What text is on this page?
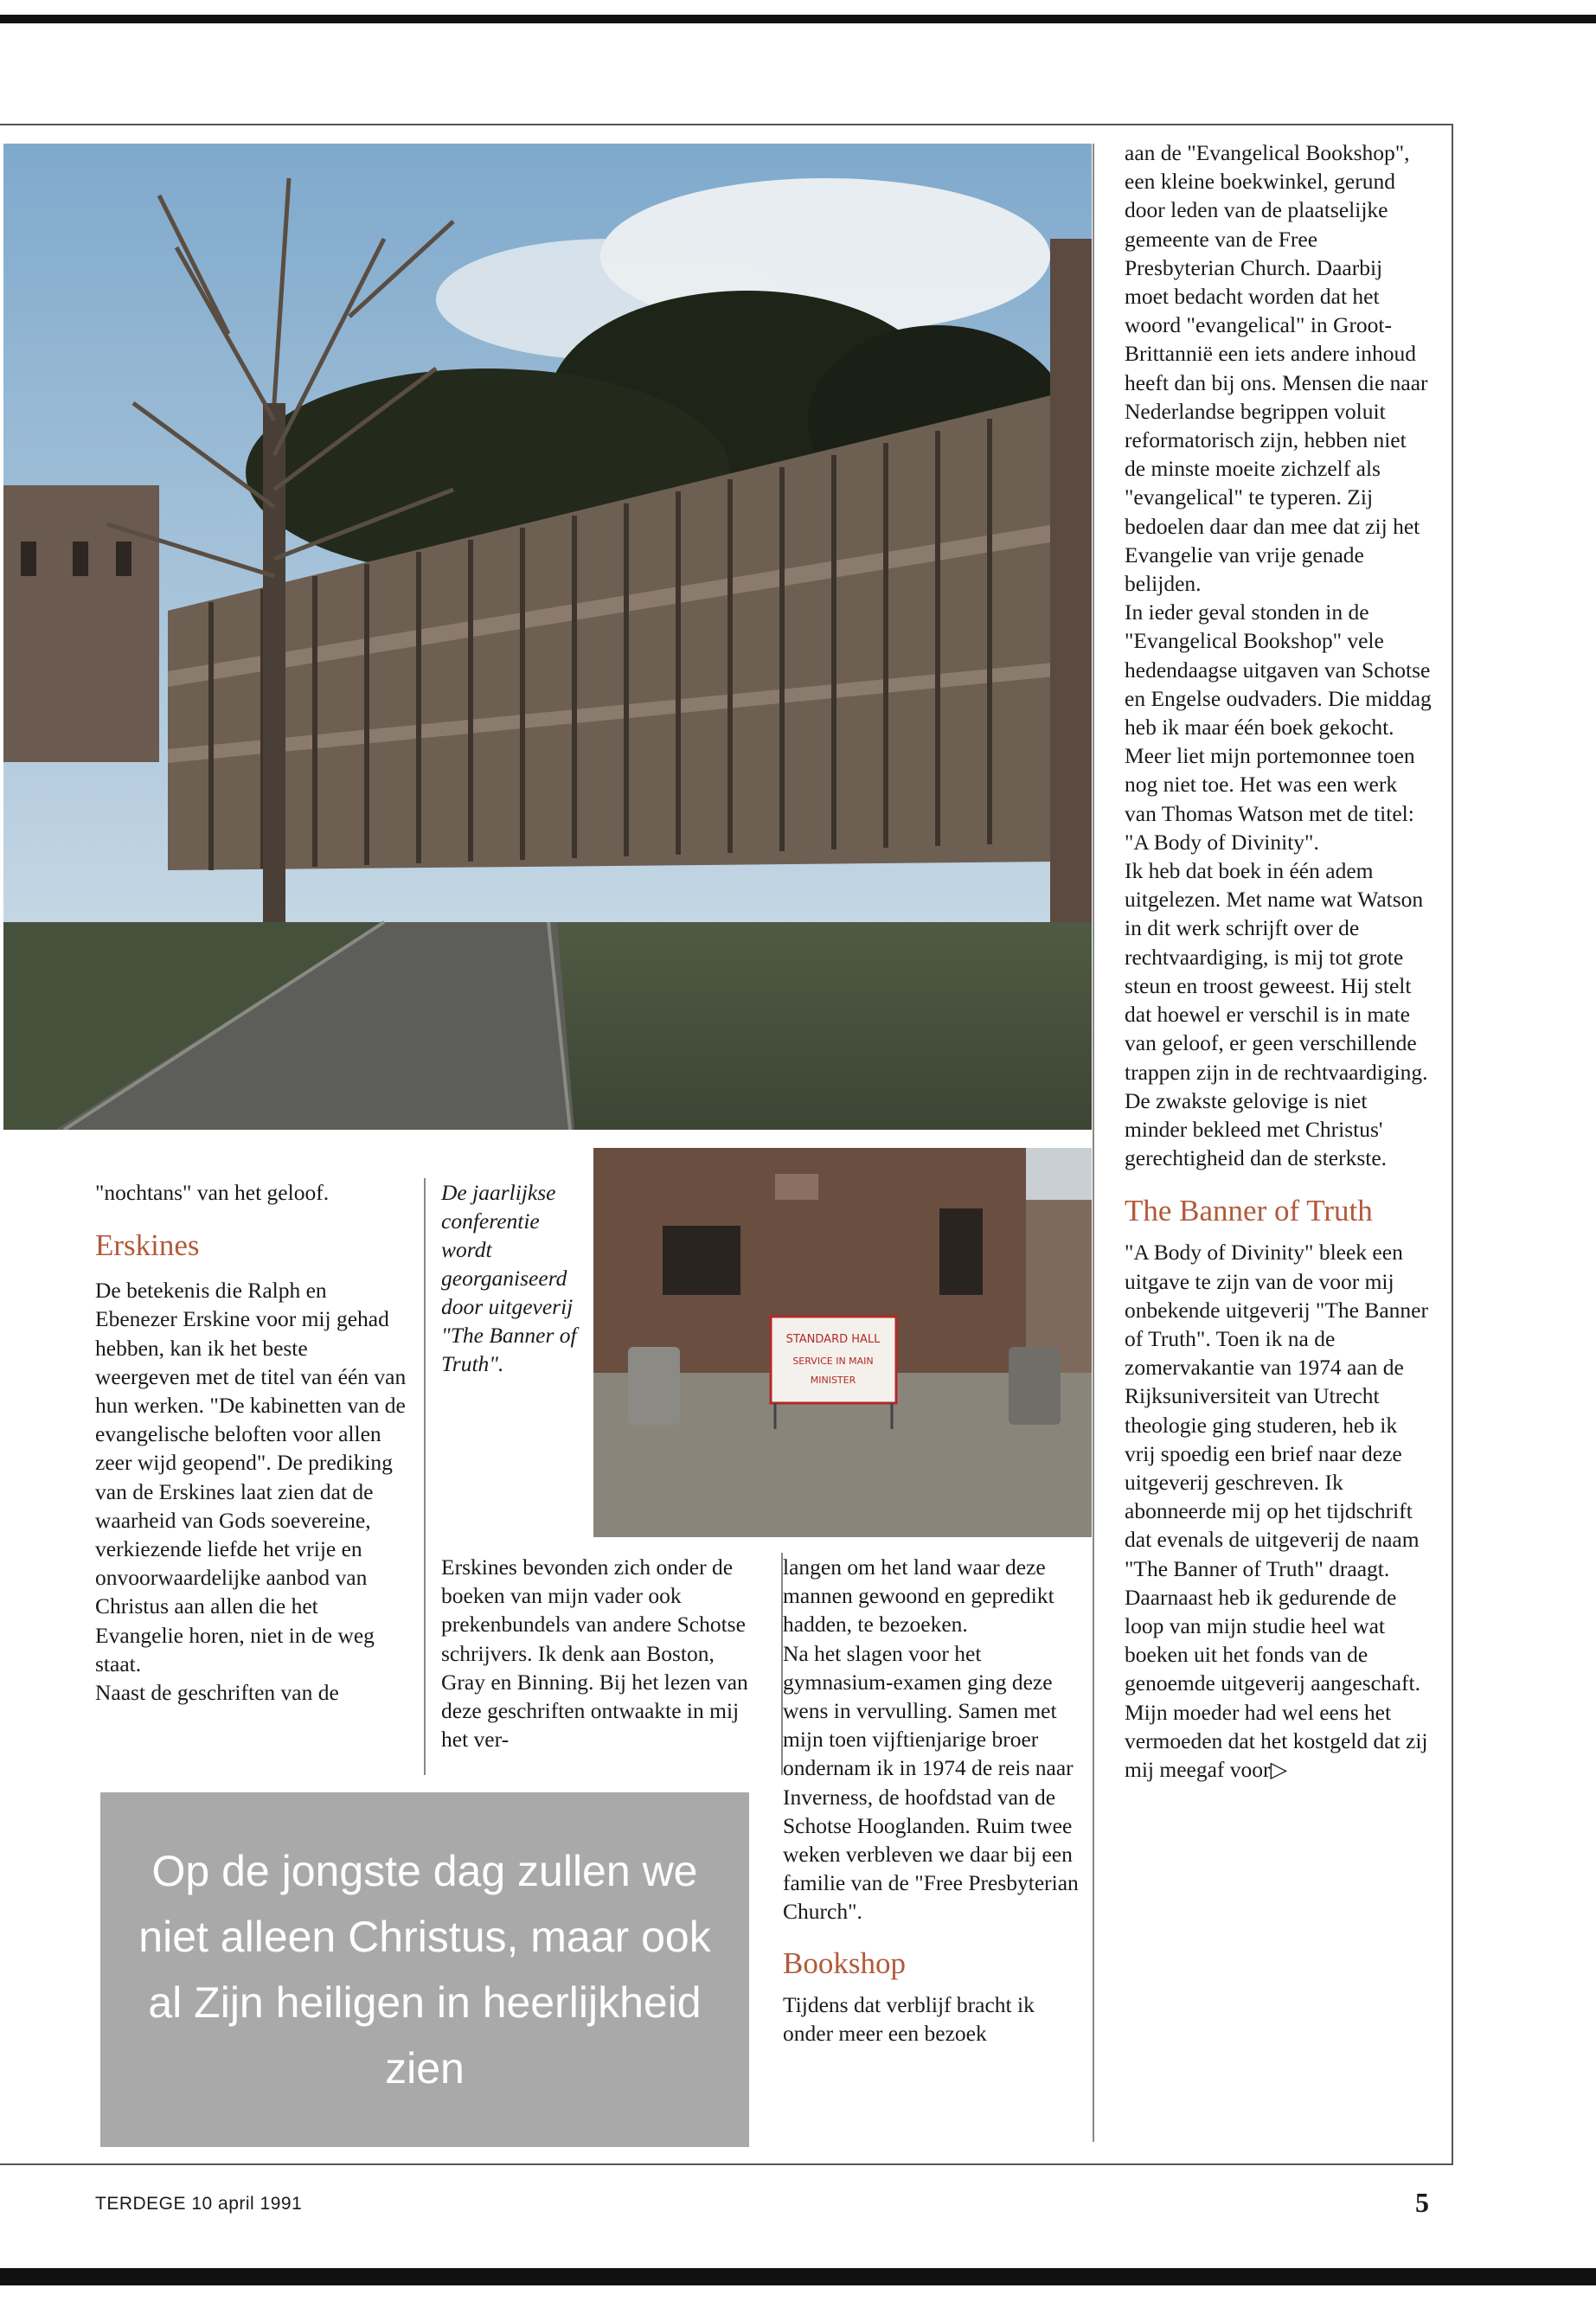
STANDARD HALL
SERVICE IN MAIN
MINISTER

De jaarlijkse conferentie wordt georganiseerd door uitgeverij "The Banner of Truth".

"nochtans" van het geloof.

Erskines

De betekenis die Ralph en Ebenezer Erskine voor mij gehad hebben, kan ik het beste weergeven met de titel van één van hun werken. "De kabinetten van de evangelische beloften voor allen zeer wijd geopend". De prediking van de Erskines laat zien dat de waarheid van Gods soevereine, verkiezende liefde het vrije en onvoorwaardelijke aanbod van Christus aan allen die het Evangelie horen, niet in de weg staat.

Naast de geschriften van de

Erskines bevonden zich onder de boeken van mijn vader ook prekenbundels van andere Schotse schrijvers. Ik denk aan Boston, Gray en Binning. Bij het lezen van deze geschriften ontwaakte in mij het ver-

langen om het land waar deze mannen gewoond en gepredikt hadden, te bezoeken.

Na het slagen voor het gymnasium-examen ging deze wens in vervulling. Samen met mijn toen vijftienjarige broer ondernam ik in 1974 de reis naar Inverness, de hoofdstad van de Schotse Hooglanden. Ruim twee weken verbleven we daar bij een familie van de "Free Presbyterian Church".

Bookshop

Tijdens dat verblijf bracht ik onder meer een bezoek

aan de "Evangelical Bookshop", een kleine boekwinkel, gerund door leden van de plaatselijke gemeente van de Free Presbyterian Church. Daarbij moet bedacht worden dat het woord "evangelical" in Groot-Brittannië een iets andere inhoud heeft dan bij ons. Mensen die naar Nederlandse begrippen voluit reformatorisch zijn, hebben niet de minste moeite zichzelf als "evangelical" te typeren. Zij bedoelen daar dan mee dat zij het Evangelie van vrije genade belijden.

In ieder geval stonden in de "Evangelical Bookshop" vele hedendaagse uitgaven van Schotse en Engelse oudvaders. Die middag heb ik maar één boek gekocht. Meer liet mijn portemonnee toen nog niet toe. Het was een werk van Thomas Watson met de titel: "A Body of Divinity".

Ik heb dat boek in één adem uitgelezen. Met name wat Watson in dit werk schrijft over de rechtvaardiging, is mij tot grote steun en troost geweest. Hij stelt dat hoewel er verschil is in mate van geloof, er geen verschillende trappen zijn in de rechtvaardiging. De zwakste gelovige is niet minder bekleed met Christus' gerechtigheid dan de sterkste.

The Banner of Truth

"A Body of Divinity" bleek een uitgave te zijn van de voor mij onbekende uitgeverij "The Banner of Truth". Toen ik na de zomervakantie van 1974 aan de Rijksuniversiteit van Utrecht theologie ging studeren, heb ik vrij spoedig een brief naar deze uitgeverij geschreven. Ik abonneerde mij op het tijdschrift dat evenals de uitgeverij de naam "The Banner of Truth" draagt.

Daarnaast heb ik gedurende de loop van mijn studie heel wat boeken uit het fonds van de genoemde uitgeverij aangeschaft. Mijn moeder had wel eens het vermoeden dat het kostgeld dat zij mij meegaf voor▷

Op de jongste dag zullen we niet alleen Christus, maar ook al Zijn heiligen in heerlijkheid zien
TERDEGE 10 april 1991	5
